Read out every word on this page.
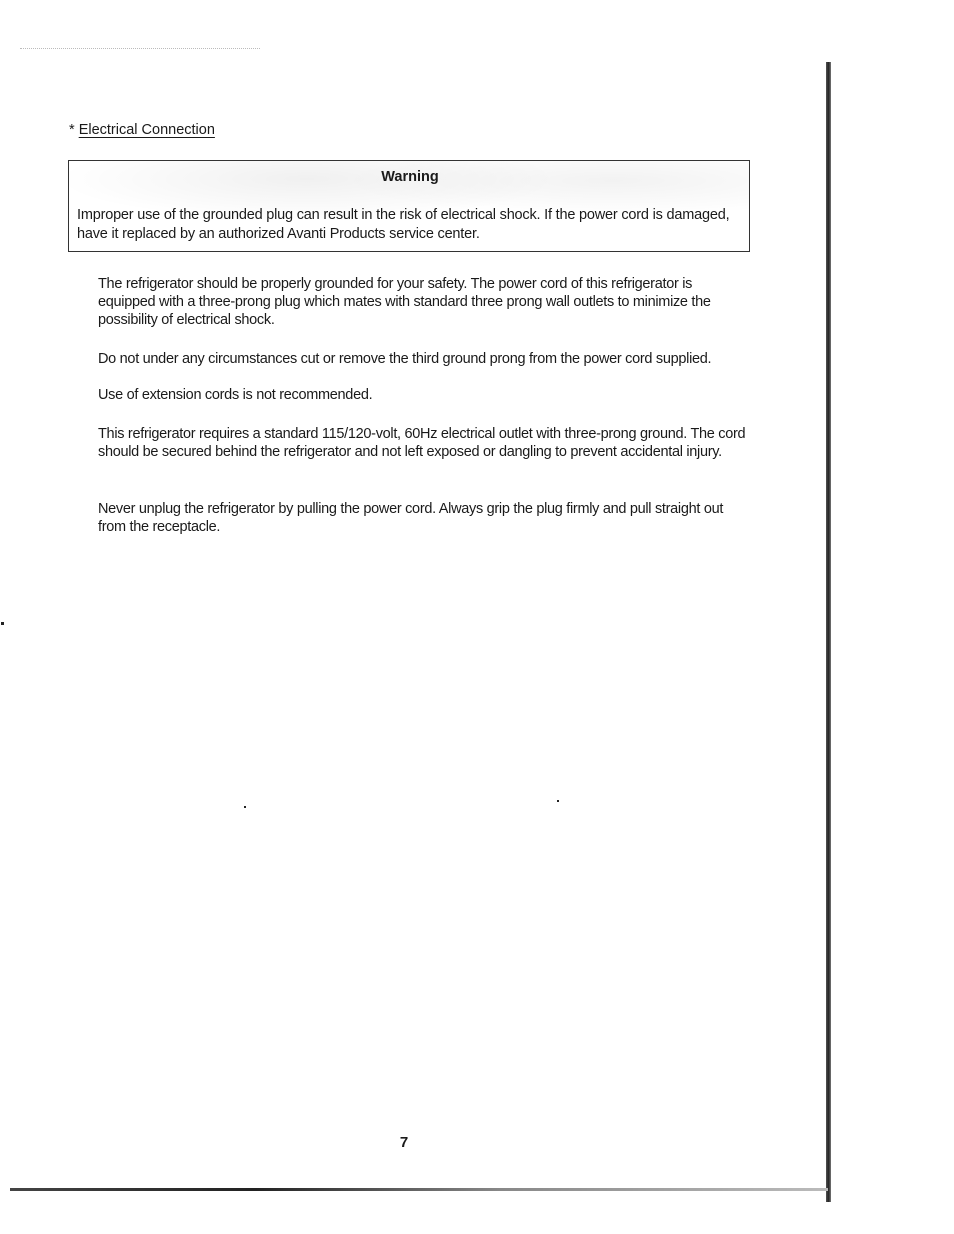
* Electrical Connection
Warning

Improper use of the grounded plug can result in the risk of electrical shock. If the power cord is damaged, have it replaced by an authorized Avanti Products service center.

The refrigerator should be properly grounded for your safety. The power cord of this refrigerator is equipped with a three-prong plug which mates with standard three prong wall outlets to minimize the possibility of electrical shock.

Do not under any circumstances cut or remove the third ground prong from the power cord supplied.

Use of extension cords is not recommended.

This refrigerator requires a standard 115/120-volt, 60Hz electrical outlet with three-prong ground. The cord should be secured behind the refrigerator and not left exposed or dangling to prevent accidental injury.

Never unplug the refrigerator by pulling the power cord. Always grip the plug firmly and pull straight out from the receptacle.

7
